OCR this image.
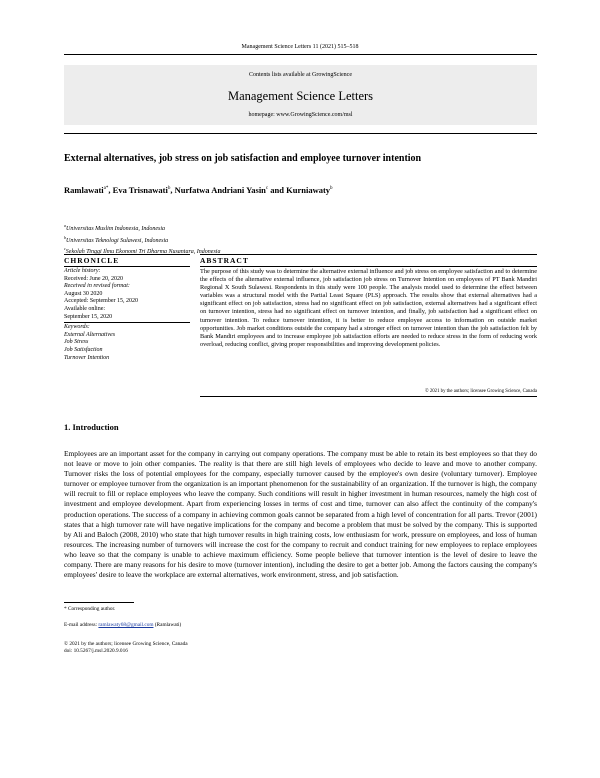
Management Science Letters 11 (2021) 515–518
Contents lists available at GrowingScience
Management Science Letters
homepage: www.GrowingScience.com/msl
External alternatives, job stress on job satisfaction and employee turnover intention
Ramlawati$^{a*}$, Eva Trisnawati$^b$, Nurfatwa Andriani Yasin$^c$ and Kurniawaty$^b$
$^a$Universitas Muslim Indonesia, Indonesia
$^b$Universitas Teknologi Sulawesi, Indonesia
$^c$Sekolah Tinggi Ilmu Ekonomi Tri Dharma Nusantara, Indonesia
CHRONICLE	ABSTRACT
Article history:
Received: June 20, 2020
Received in revised format:
August 30 2020
Accepted: September 15, 2020
Available online:
September 15, 2020
Keywords:
External Alternatives
Job Stress
Job Satisfaction
Turnover Intention
The purpose of this study was to determine the alternative external influence and job stress on employee satisfaction and to determine the effects of the alternative external influence, job satisfaction job stress on Turnover Intention on employees of PT Bank Mandiri Regional X South Sulawesi. Respondents in this study were 100 people. The analysis model used to determine the effect between variables was a structural model with the Partial Least Square (PLS) approach. The results show that external alternatives had a significant effect on job satisfaction, stress had no significant effect on job satisfaction, external alternatives had a significant effect on turnover intention, stress had no significant effect on turnover intention, and finally, job satisfaction had a significant effect on turnover intention. To reduce turnover intention, it is better to reduce employee access to information on outside market opportunities. Job market conditions outside the company had a stronger effect on turnover intention than the job satisfaction felt by Bank Mandiri employees and to increase employee job satisfaction efforts are needed to reduce stress in the form of reducing work overload, reducing conflict, giving proper responsibilities and improving development policies.
© 2021 by the authors; licensee Growing Science, Canada
1. Introduction
Employees are an important asset for the company in carrying out company operations. The company must be able to retain its best employees so that they do not leave or move to join other companies. The reality is that there are still high levels of employees who decide to leave and move to another company. Turnover risks the loss of potential employees for the company, especially turnover caused by the employee's own desire (voluntary turnover). Employee turnover or employee turnover from the organization is an important phenomenon for the sustainability of an organization. If the turnover is high, the company will recruit to fill or replace employees who leave the company. Such conditions will result in higher investment in human resources, namely the high cost of investment and employee development. Apart from experiencing losses in terms of cost and time, turnover can also affect the continuity of the company's production operations. The success of a company in achieving common goals cannot be separated from a high level of concentration for all parts. Trevor (2001) states that a high turnover rate will have negative implications for the company and become a problem that must be solved by the company. This is supported by Ali and Baloch (2008, 2010) who state that high turnover results in high training costs, low enthusiasm for work, pressure on employees, and loss of human resources. The increasing number of turnovers will increase the cost for the company to recruit and conduct training for new employees to replace employees who leave so that the company is unable to achieve maximum efficiency. Some people believe that turnover intention is the level of desire to leave the company. There are many reasons for his desire to move (turnover intention), including the desire to get a better job. Among the factors causing the company's employees' desire to leave the workplace are external alternatives, work environment, stress, and job satisfaction.
* Corresponding author.
E-mail address: ramlawaty68@gmail.com (Ramlawati)
© 2021 by the authors; licensee Growing Science, Canada
doi: 10.5267/j.msl.2020.9.016
